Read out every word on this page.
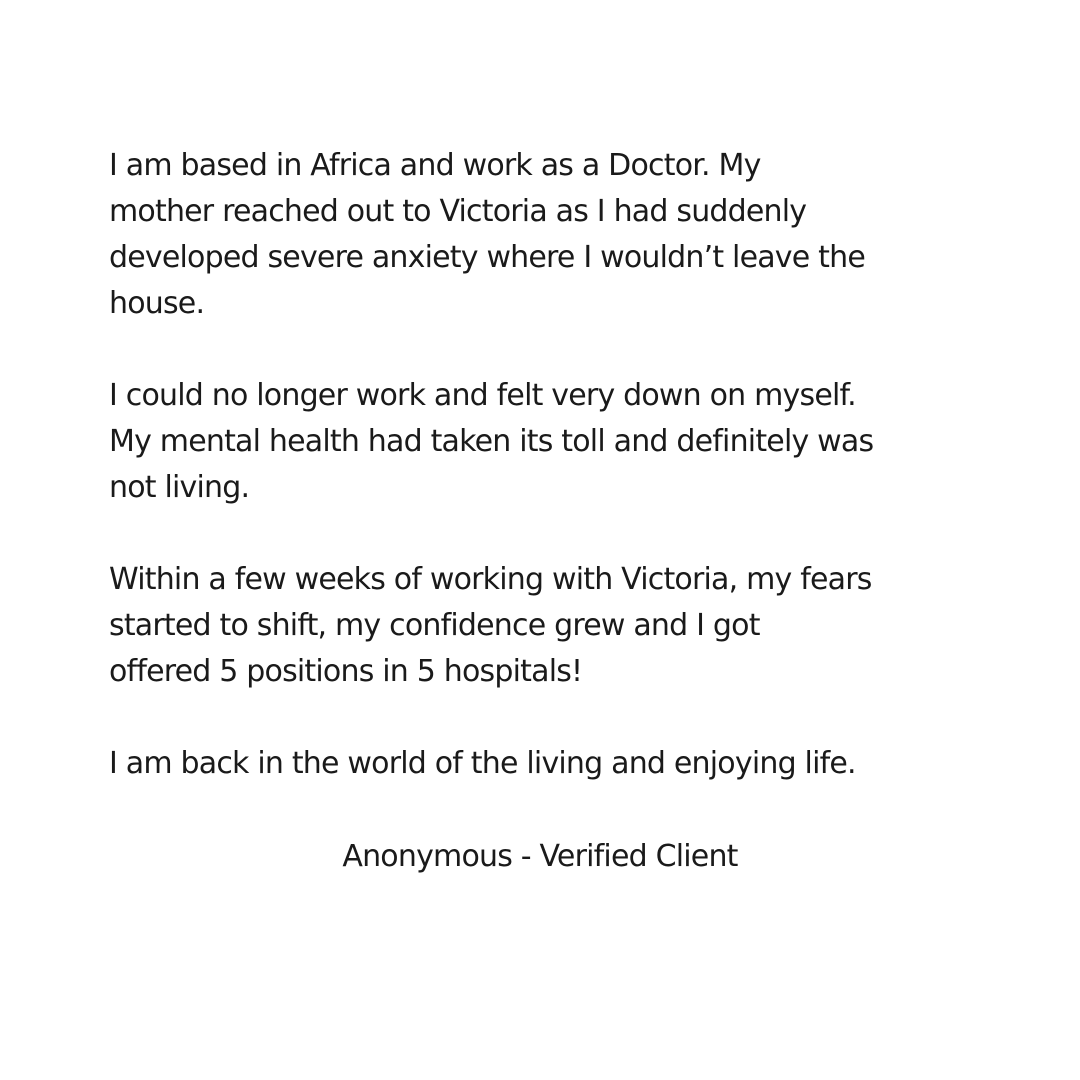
I am based in Africa and work as a Doctor. My
mother reached out to Victoria as I had suddenly
developed severe anxiety where I wouldn’t leave the
house.

I could no longer work and felt very down on myself.
My mental health had taken its toll and definitely was
not living.

Within a few weeks of working with Victoria, my fears
started to shift, my confidence grew and I got
offered 5 positions in 5 hospitals!

I am back in the world of the living and enjoying life.

Anonymous - Verified Client
